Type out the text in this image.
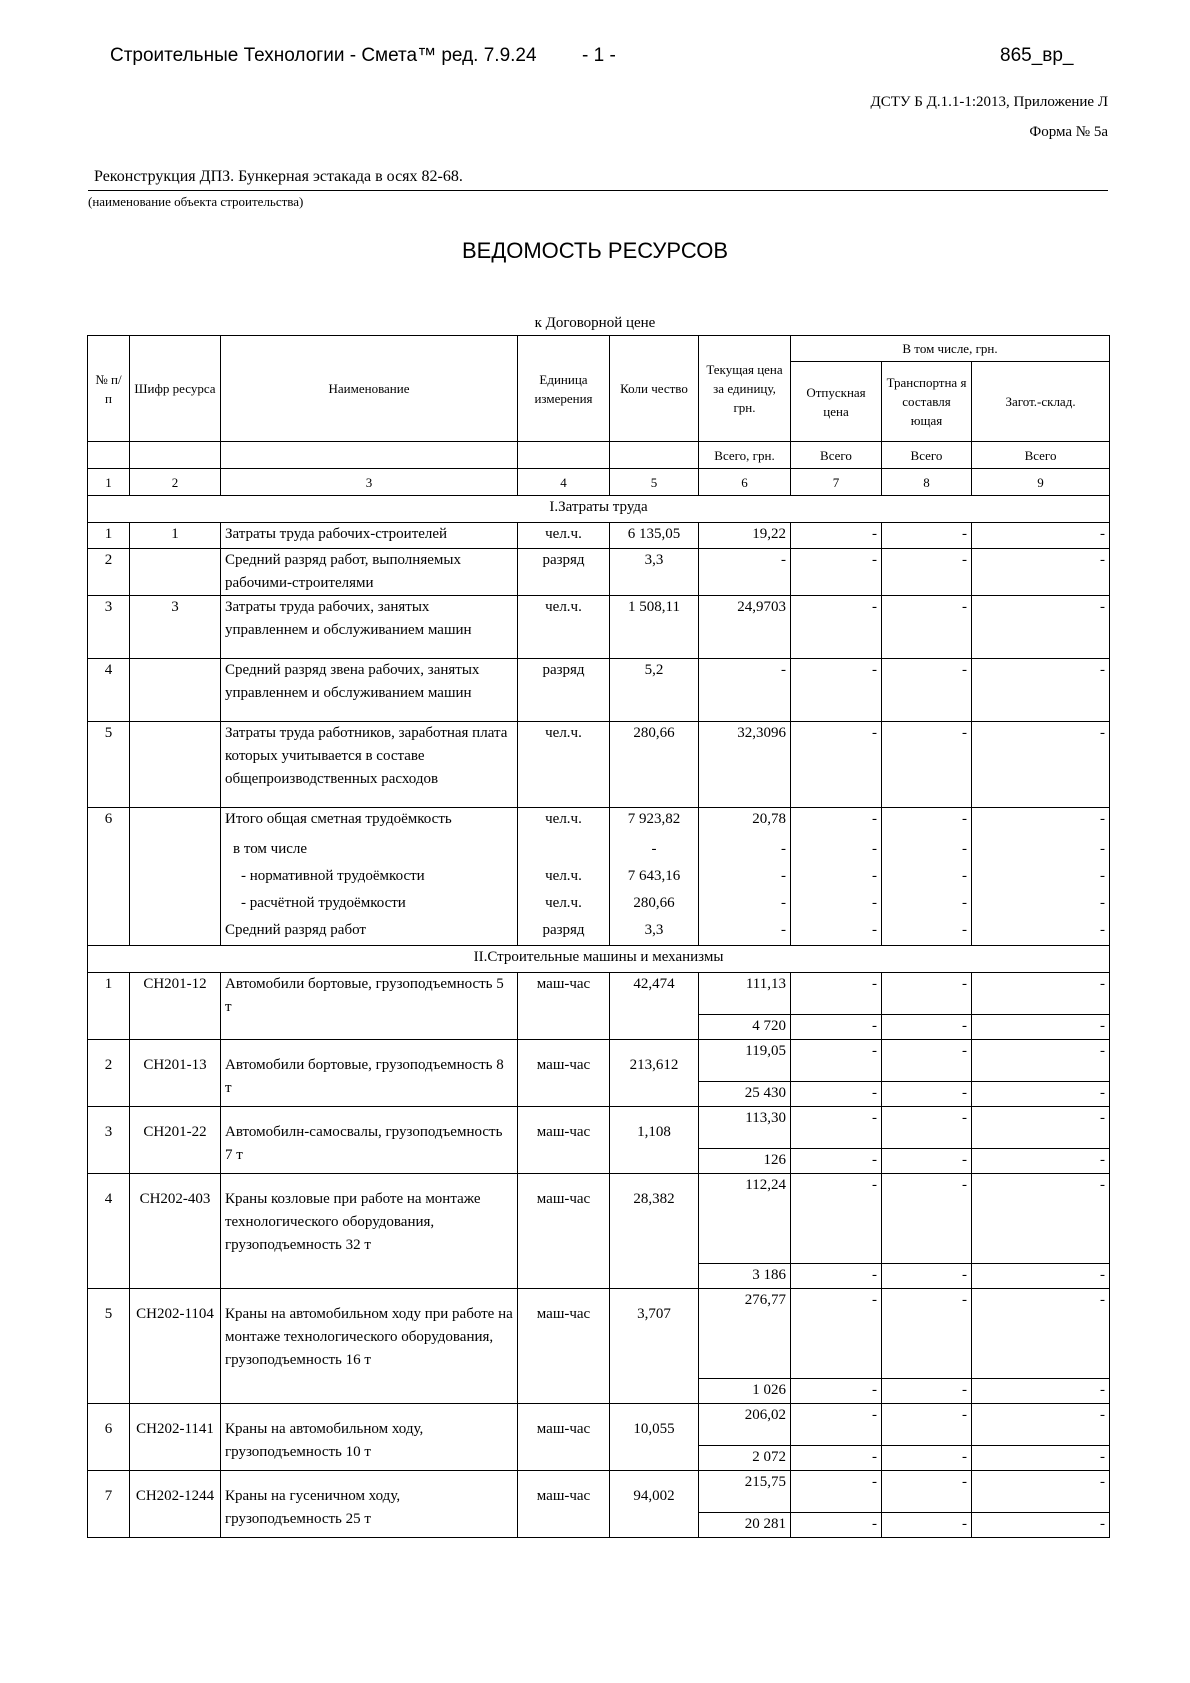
Строительные Технологии - Смета™ ред. 7.9.24 - 1 -	865_вр_
ДСТУ Б Д.1.1-1:2013, Приложение Л
Форма № 5а
Реконструкция ДПЗ. Бункерная эстакада в осях 82-68.
(наименование объекта строительства)
ВЕДОМОСТЬ РЕСУРСОВ
к Договорной цене
№ п/п	Шифр ресурса	Наименование	Единица измерения	Коли чество	Текущая цена за единицу, грн.	В том числе, грн.		
						Отпускная цена	Транспортна я составля ющая	Загот.-склад.
					Всего, грн.	Всего	Всего	Всего
1	2	3	4	5	6	7	8	9
I.Затраты труда								
1	1	Затраты труда рабочих-строителей	чел.ч.	6 135,05	19,22	-	-	-
2		Средний разряд работ, выполняемых рабочими-строителями	разряд	3,3	-	-	-	-
3	3	Затраты труда рабочих, занятых управленнем и обслуживанием машин	чел.ч.	1 508,11	24,9703	-	-	-
4		Средний разряд звена рабочих, занятых управленнем и обслуживанием машин	разряд	5,2	-	-	-	-
5		Затраты труда работников, заработная плата которых учитывается в составе общепроизводственных расходов	чел.ч.	280,66	32,3096	-	-	-
6		Итого общая сметная трудоёмкость	чел.ч.	7 923,82	20,78	-	-	-
		в том числе		-	-	-	-	-
		- нормативной трудоёмкости	чел.ч.	7 643,16	-	-	-	-
		- расчётной трудоёмкости	чел.ч.	280,66	-	-	-	-
		Средний разряд работ	разряд	3,3	-	-	-	-
II.Строительные машины и механизмы								
1	СН201-12	Автомобили бортовые, грузоподъемность 5 т	маш-час	42,474	111,13	-	-	-
					4 720	-	-	-
2	СН201-13	Автомобили бортовые, грузоподъемность 8 т	маш-час	213,612	119,05	-	-	-
					25 430	-	-	-
3	СН201-22	Автомобилн-самосвалы, грузоподъемность 7 т	маш-час	1,108	113,30	-	-	-
					126	-	-	-
4	СН202-403	Краны козловые при работе на монтаже технологического оборудования, грузоподъемность 32 т	маш-час	28,382	112,24	-	-	-
					3 186	-	-	-
5	СН202-1104	Краны на автомобильном ходу при работе на монтаже технологического оборудования, грузоподъемность 16 т	маш-час	3,707	276,77	-	-	-
					1 026	-	-	-
6	СН202-1141	Краны на автомобильном ходу, грузоподъемность 10 т	маш-час	10,055	206,02	-	-	-
					2 072	-	-	-
7	СН202-1244	Краны на гусеничном ходу, грузоподъемность 25 т	маш-час	94,002	215,75	-	-	-
					20 281	-	-	-
